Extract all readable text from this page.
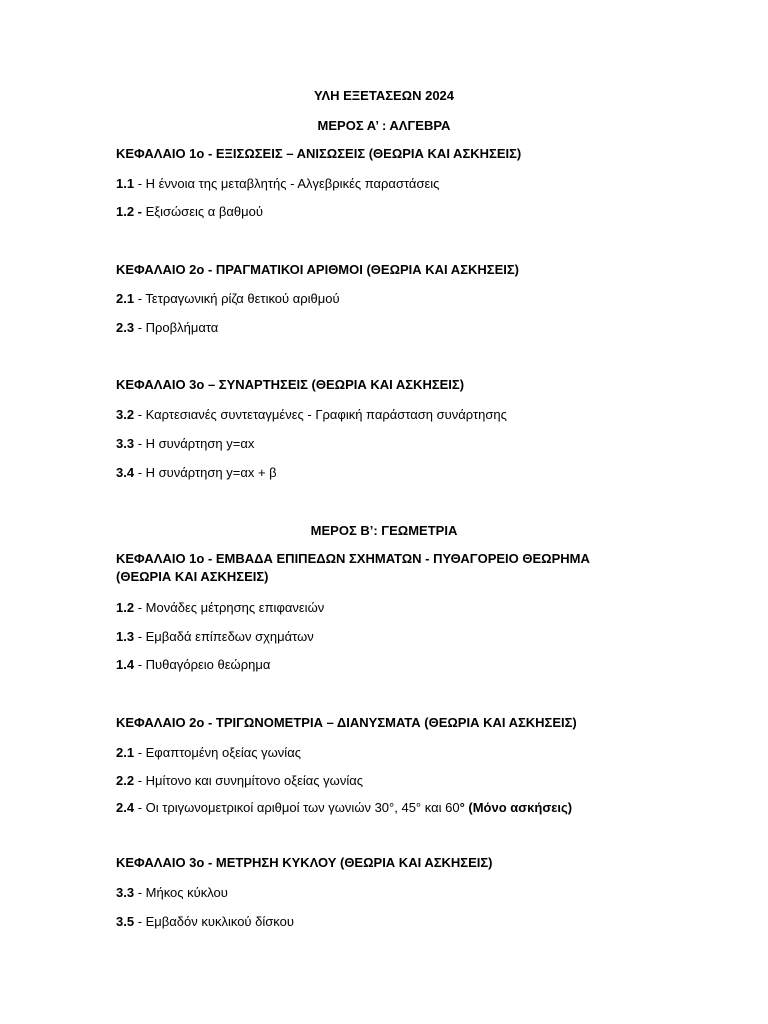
ΥΛΗ ΕΞΕΤΑΣΕΩΝ 2024
ΜΕΡΟΣ Α’ : ΑΛΓΕΒΡΑ
ΚΕΦΑΛΑΙΟ 1ο - ΕΞΙΣΩΣΕΙΣ – ΑΝΙΣΩΣΕΙΣ (ΘΕΩΡΙΑ ΚΑΙ ΑΣΚΗΣΕΙΣ)
1.1 - Η έννοια της μεταβλητής - Αλγεβρικές παραστάσεις
1.2 - Εξισώσεις α βαθμού
ΚΕΦΑΛΑΙΟ 2ο - ΠΡΑΓΜΑΤΙΚΟΙ ΑΡΙΘΜΟΙ (ΘΕΩΡΙΑ ΚΑΙ ΑΣΚΗΣΕΙΣ)
2.1 - Τετραγωνική ρίζα θετικού αριθμού
2.3 - Προβλήματα
ΚΕΦΑΛΑΙΟ 3ο – ΣΥΝΑΡΤΗΣΕΙΣ (ΘΕΩΡΙΑ ΚΑΙ ΑΣΚΗΣΕΙΣ)
3.2 - Καρτεσιανές συντεταγμένες - Γραφική παράσταση συνάρτησης
3.3 - Η συνάρτηση y=αx
3.4 - Η συνάρτηση y=αx + β
ΜΕΡΟΣ Β’: ΓΕΩΜΕΤΡΙΑ
ΚΕΦΑΛΑΙΟ 1ο - ΕΜΒΑΔΑ ΕΠΙΠΕΔΩΝ ΣΧΗΜΑΤΩΝ - ΠΥΘΑΓΟΡΕΙΟ ΘΕΩΡΗΜΑ (ΘΕΩΡΙΑ ΚΑΙ ΑΣΚΗΣΕΙΣ)
1.2 - Μονάδες μέτρησης επιφανειών
1.3 - Εμβαδά επίπεδων σχημάτων
1.4 - Πυθαγόρειο θεώρημα
ΚΕΦΑΛΑΙΟ 2ο - ΤΡΙΓΩΝΟΜΕΤΡΙΑ – ΔΙΑΝΥΣΜΑΤΑ (ΘΕΩΡΙΑ ΚΑΙ ΑΣΚΗΣΕΙΣ)
2.1 - Εφαπτομένη οξείας γωνίας
2.2 - Ημίτονο και συνημίτονο οξείας γωνίας
2.4 - Οι τριγωνομετρικοί αριθμοί των γωνιών 30°, 45° και 60° (Μόνο ασκήσεις)
ΚΕΦΑΛΑΙΟ 3ο - ΜΕΤΡΗΣΗ ΚΥΚΛΟΥ (ΘΕΩΡΙΑ ΚΑΙ ΑΣΚΗΣΕΙΣ)
3.3 - Μήκος κύκλου
3.5 - Εμβαδόν κυκλικού δίσκου
